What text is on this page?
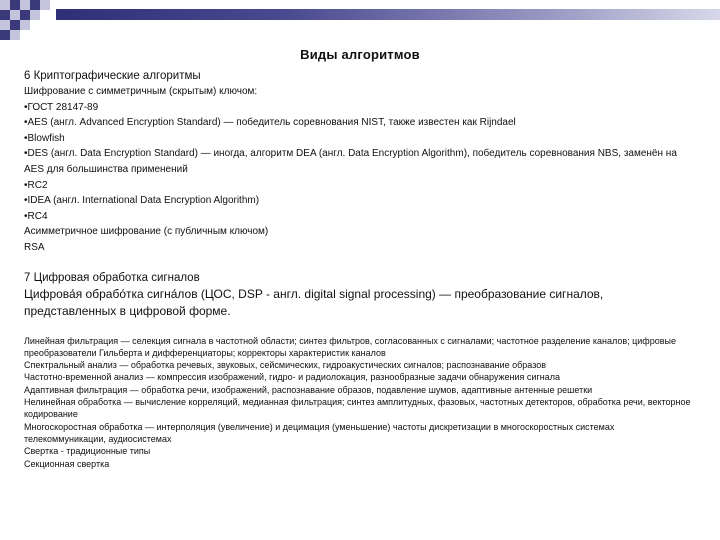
Виды алгоритмов
6 Криптографические алгоритмы
Шифрование с симметричным (скрытым) ключом:
•ГОСТ 28147-89
•AES (англ. Advanced Encryption Standard) — победитель соревнования NIST, также известен как Rijndael
•Blowfish
•DES (англ. Data Encryption Standard) — иногда, алгоритм DEA (англ. Data Encryption Algorithm), победитель соревнования NBS, заменён на AES для большинства применений
•RC2
•IDEA (англ. International Data Encryption Algorithm)
•RC4
Асимметричное шифрование (с публичным ключом)
RSA
7 Цифровая обработка сигналов
Цифрова́я обрабо́тка сигна́лов (ЦОС, DSP - англ. digital signal processing) — преобразование сигналов, представленных в цифровой форме.
Линейная фильтрация — селекция сигнала в частотной области; синтез фильтров, согласованных с сигналами; частотное разделение каналов; цифровые преобразователи Гильберта и дифференциаторы; корректоры характеристик каналов
Спектральный анализ — обработка речевых, звуковых, сейсмических, гидроакустических сигналов; распознавание образов
Частотно-временной анализ — компрессия изображений, гидро- и радиолокация, разнообразные задачи обнаружения сигнала
Адаптивная фильтрация — обработка речи, изображений, распознавание образов, подавление шумов, адаптивные антенные решетки
Нелинейная обработка — вычисление корреляций, медианная фильтрация; синтез амплитудных, фазовых, частотных детекторов, обработка речи, векторное кодирование
Многоскоростная обработка — интерполяция (увеличение) и децимация (уменьшение) частоты дискретизации в многоскоростных системах телекоммуникации, аудиосистемах
Свертка - традиционные типы
Секционная свертка
